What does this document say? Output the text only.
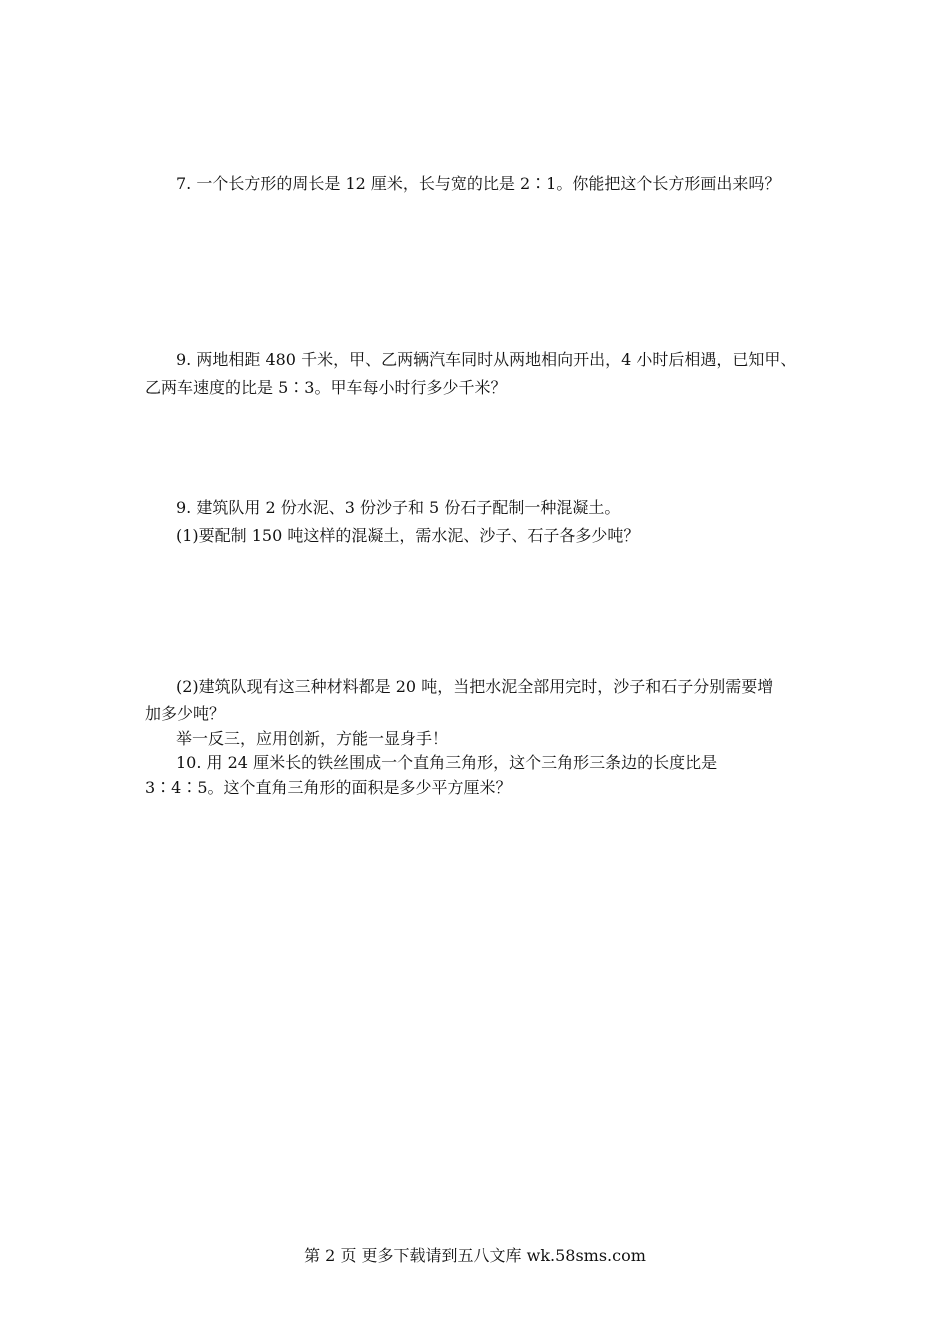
7. 一个长方形的周长是 12 厘米，长与宽的比是 2∶1。你能把这个长方形画出来吗？

9. 两地相距 480 千米，甲、乙两辆汽车同时从两地相向开出，4 小时后相遇，已知甲、

乙两车速度的比是 5∶3。甲车每小时行多少千米？

9. 建筑队用 2 份水泥、3 份沙子和 5 份石子配制一种混凝土。

(1)要配制 150 吨这样的混凝土，需水泥、沙子、石子各多少吨？

(2)建筑队现有这三种材料都是 20 吨，当把水泥全部用完时，沙子和石子分别需要增

加多少吨？

举一反三，应用创新，方能一显身手！

10. 用 24 厘米长的铁丝围成一个直角三角形，这个三角形三条边的长度比是

3∶4∶5。这个直角三角形的面积是多少平方厘米？

第 2 页 更多下载请到五八文库 wk.58sms.com
